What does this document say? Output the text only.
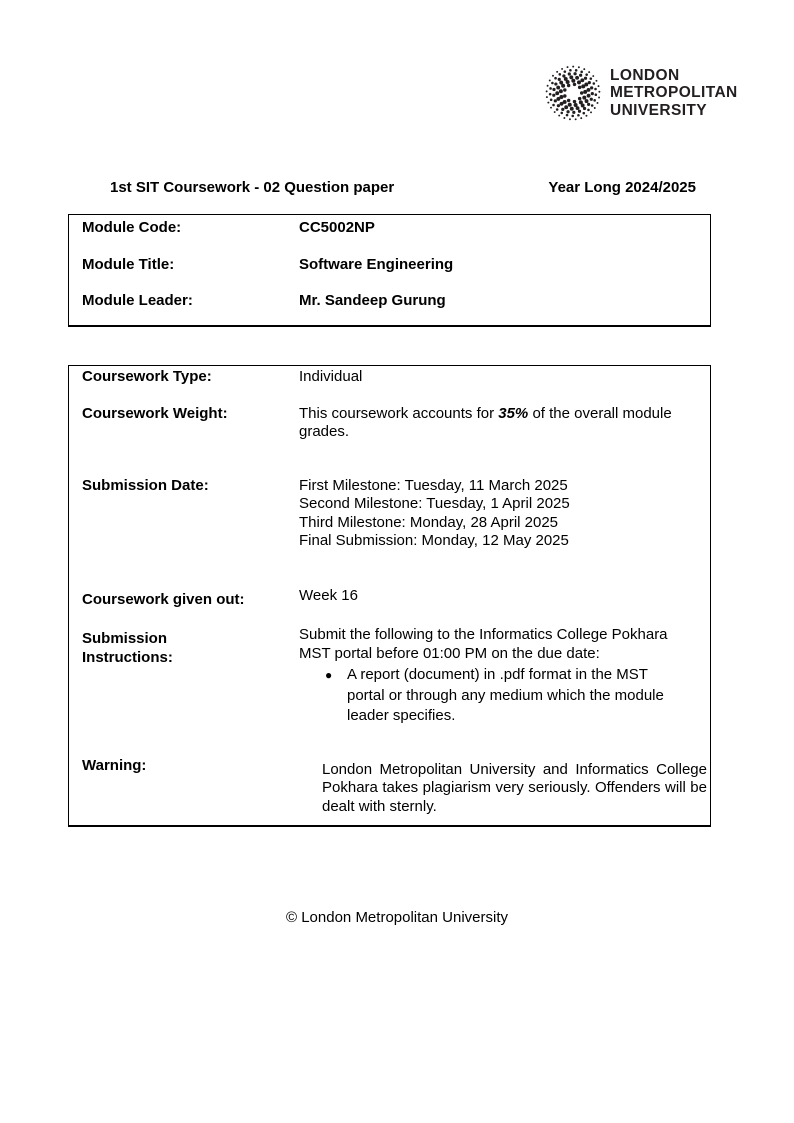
LONDON
METROPOLITAN
UNIVERSITY
1st SIT Coursework - 02 Question paper	Year Long 2024/2025
Module Code:	CC5002NP
Module Title:	Software Engineering
Module Leader:	Mr. Sandeep Gurung
Coursework Type:	Individual
Coursework Weight:	This coursework accounts for 35% of the overall module grades.
Submission Date:	First Milestone: Tuesday, 11 March 2025
Second Milestone: Tuesday, 1 April 2025
Third Milestone: Monday, 28 April 2025
Final Submission: Monday, 12 May 2025
Coursework given out:	Week 16
Submission Instructions:
Submit the following to the Informatics College Pokhara MST portal before 01:00 PM on the due date:
● A report (document) in .pdf format in the MST portal or through any medium which the module leader specifies.
Warning:	London Metropolitan University and Informatics College Pokhara takes plagiarism very seriously. Offenders will be dealt with sternly.
© London Metropolitan University
